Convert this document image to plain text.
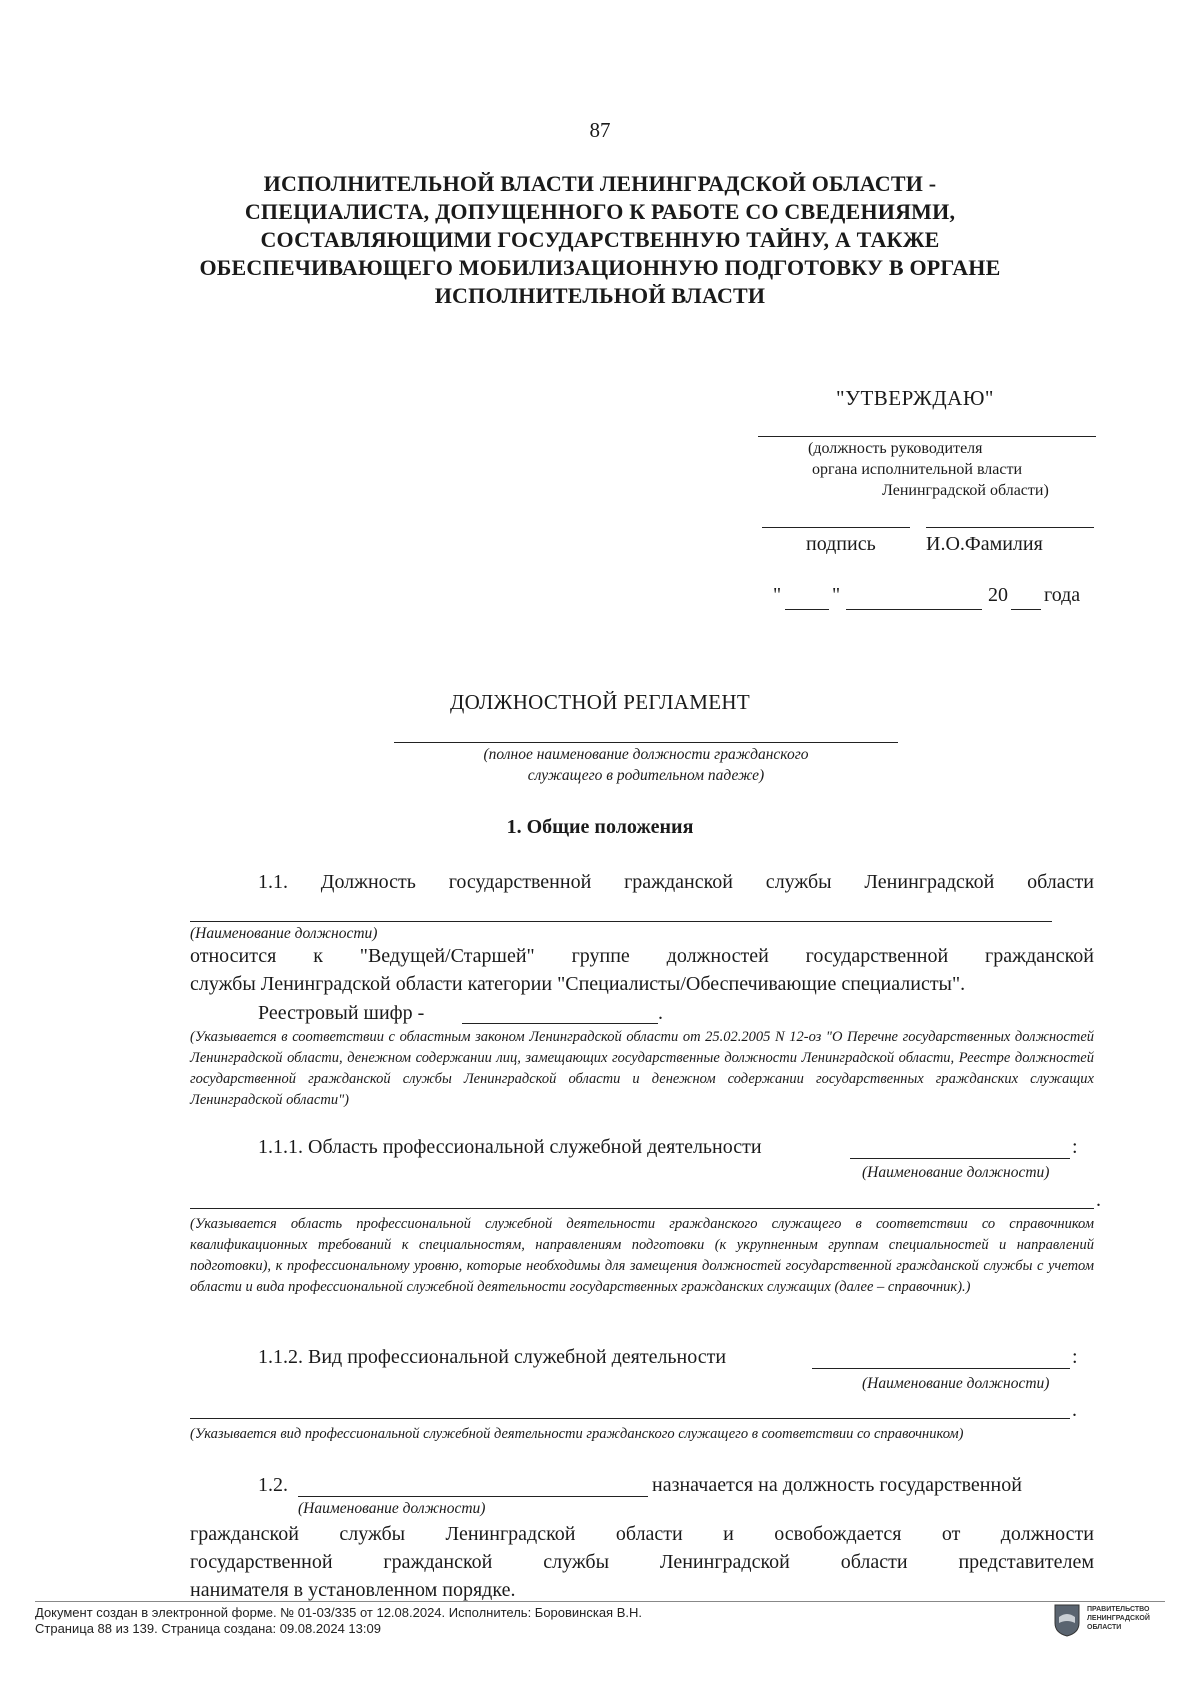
87
ИСПОЛНИТЕЛЬНОЙ ВЛАСТИ ЛЕНИНГРАДСКОЙ ОБЛАСТИ -
СПЕЦИАЛИСТА, ДОПУЩЕННОГО К РАБОТЕ СО СВЕДЕНИЯМИ,
СОСТАВЛЯЮЩИМИ ГОСУДАРСТВЕННУЮ ТАЙНУ, А ТАКЖЕ
ОБЕСПЕЧИВАЮЩЕГО МОБИЛИЗАЦИОННУЮ ПОДГОТОВКУ В ОРГАНЕ
ИСПОЛНИТЕЛЬНОЙ ВЛАСТИ
"УТВЕРЖДАЮ"
(должность руководителя
органа исполнительной власти
Ленинградской области)
подпись	И.О.Фамилия
"	"	20 года
ДОЛЖНОСТНОЙ РЕГЛАМЕНТ
(полное наименование должности гражданского
служащего в родительном падеже)
1. Общие положения
1.1. Должность государственной гражданской службы Ленинградской области
(Наименование должности)
относится к "Ведущей/Старшей" группе должностей государственной гражданской
службы Ленинградской области категории "Специалисты/Обеспечивающие специалисты".
Реестровый шифр -	.
(Указывается в соответствии с областным законом Ленинградской области от 25.02.2005 N 12-оз "О Перечне государственных должностей Ленинградской области, денежном содержании лиц, замещающих государственные должности Ленинградской области, Реестре должностей государственной гражданской службы Ленинградской области и денежном содержании государственных гражданских служащих Ленинградской области")
1.1.1. Область профессиональной служебной деятельности	:
(Наименование должности)
.
(Указывается область профессиональной служебной деятельности гражданского служащего в соответствии со справочником квалификационных требований к специальностям, направлениям подготовки (к укрупненным группам специальностей и направлений подготовки), к профессиональному уровню, которые необходимы для замещения должностей государственной гражданской службы с учетом области и вида профессиональной служебной деятельности государственных гражданских служащих (далее – справочник).)
1.1.2. Вид профессиональной служебной деятельности	:
(Наименование должности)
.
(Указывается вид профессиональной служебной деятельности гражданского служащего в соответствии со справочником)
1.2.	назначается на должность государственной
(Наименование должности)
гражданской службы Ленинградской области и освобождается от должности
государственной гражданской службы Ленинградской области представителем
нанимателя в установленном порядке.
Документ создан в электронной форме. № 01-03/335 от 12.08.2024. Исполнитель: Боровинская В.Н.
Страница 88 из 139. Страница создана: 09.08.2024 13:09
ПРАВИТЕЛЬСТВО
ЛЕНИНГРАДСКОЙ
ОБЛАСТИ
